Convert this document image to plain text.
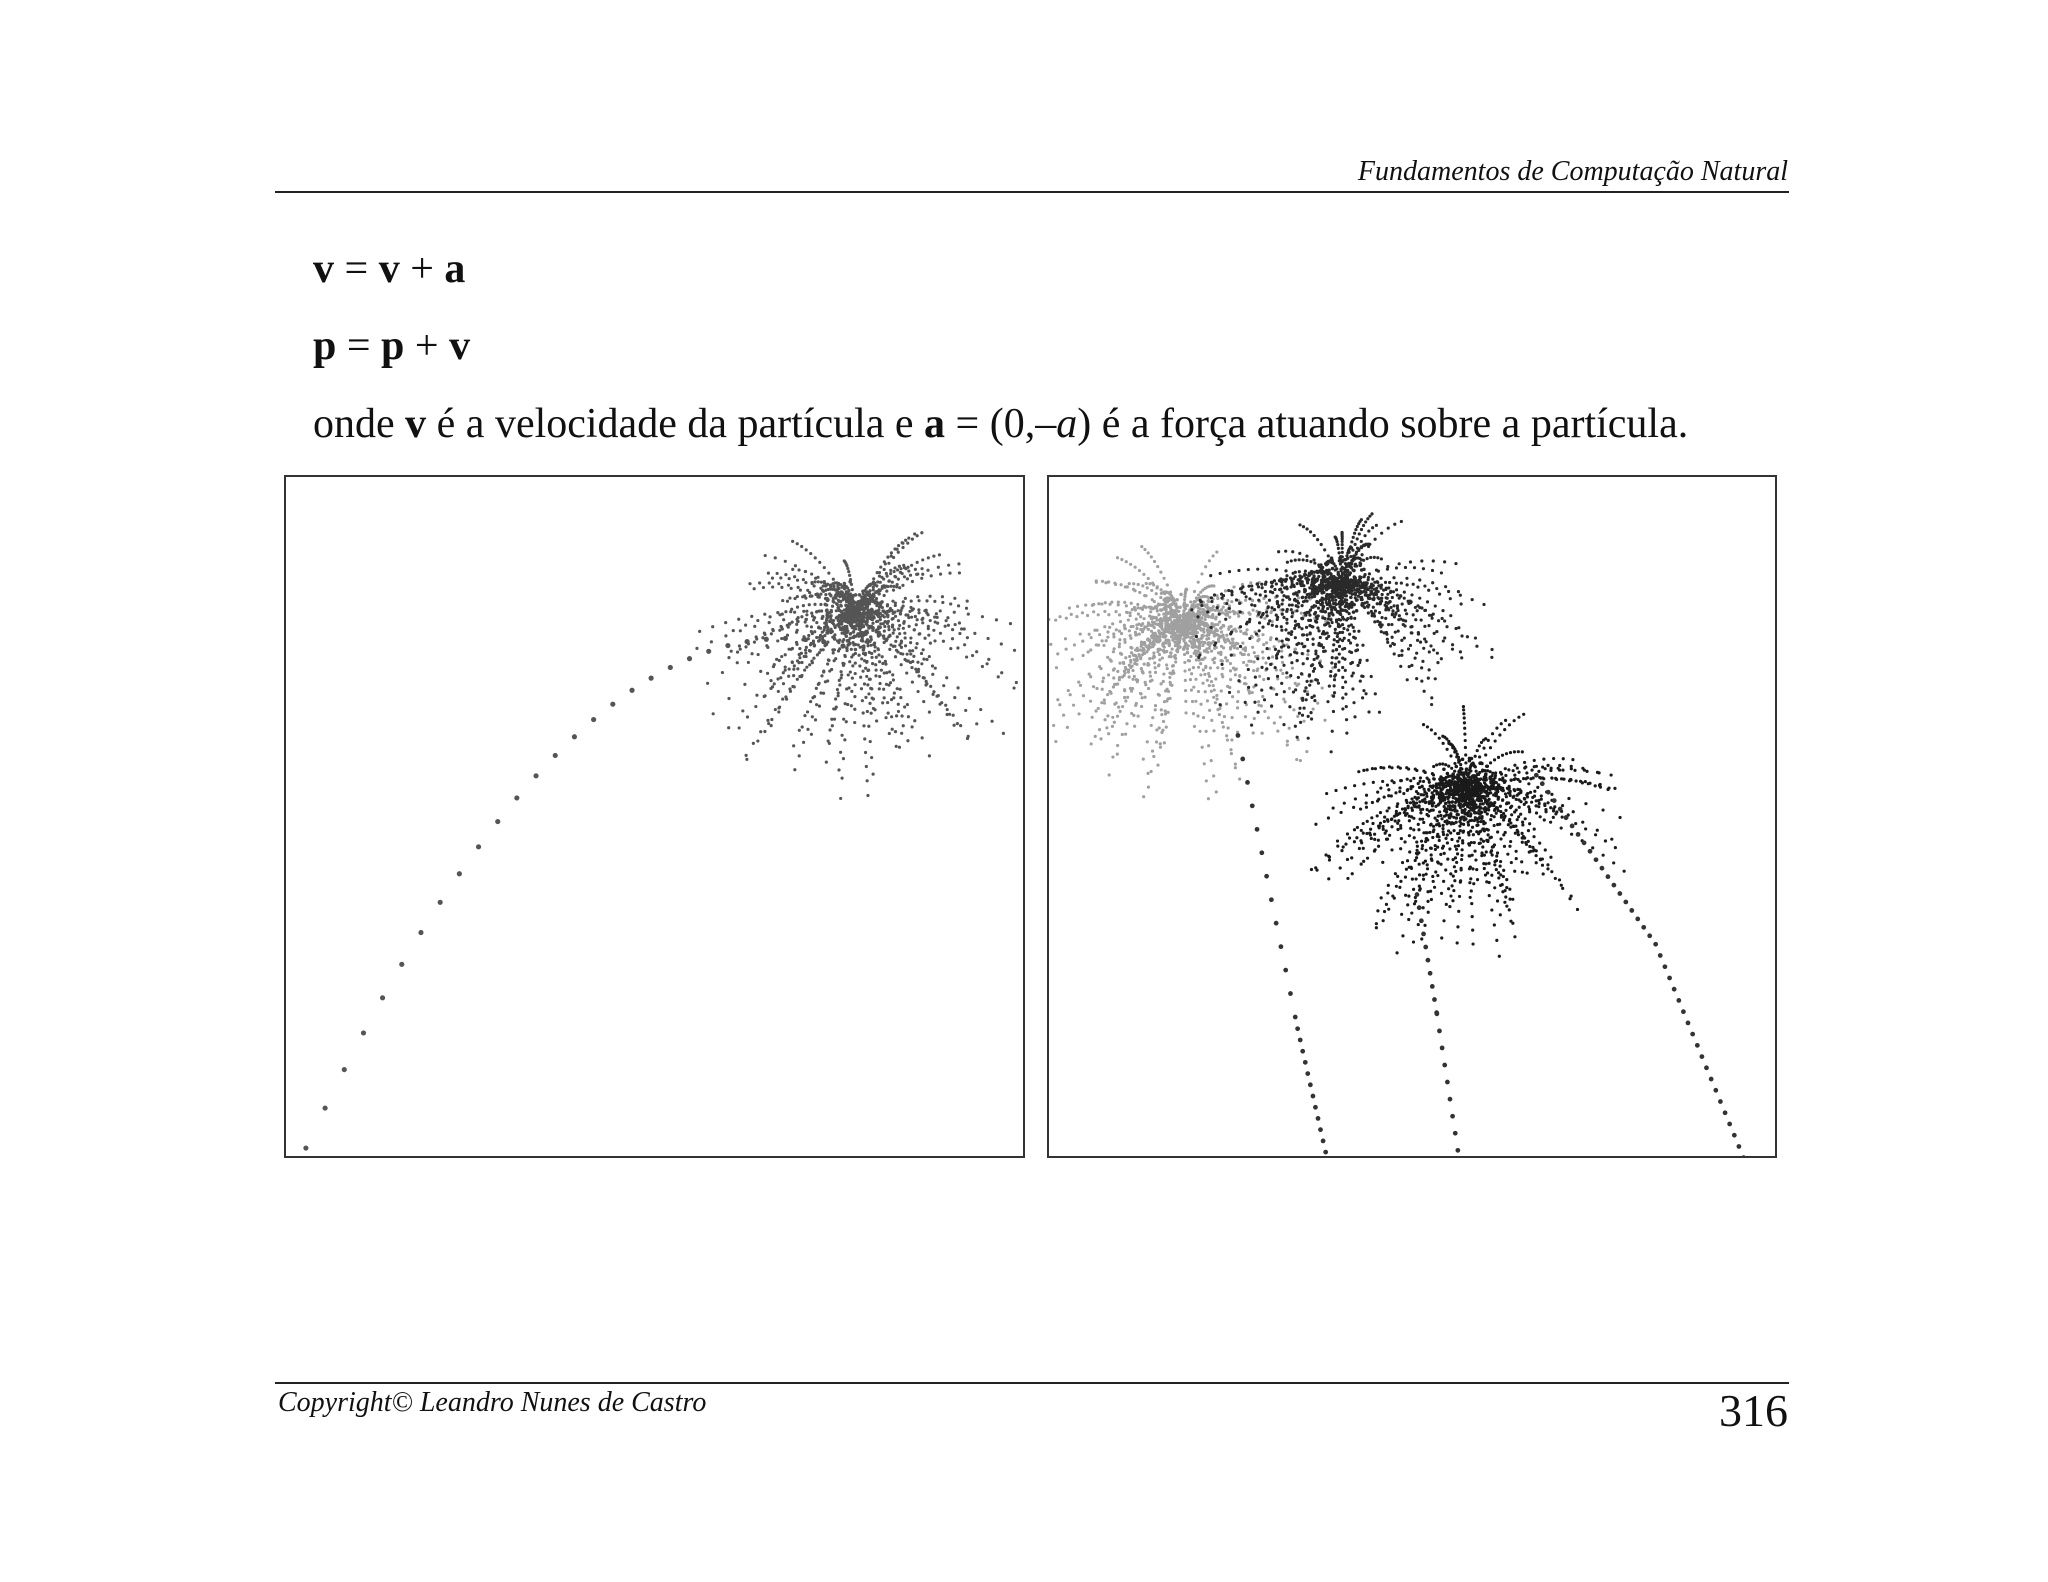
Fundamentos de Computação Natural
v = v + a
p = p + v
onde v é a velocidade da partícula e a = (0,–a) é a força atuando sobre a partícula.
Copyright© Leandro Nunes de Castro	316
